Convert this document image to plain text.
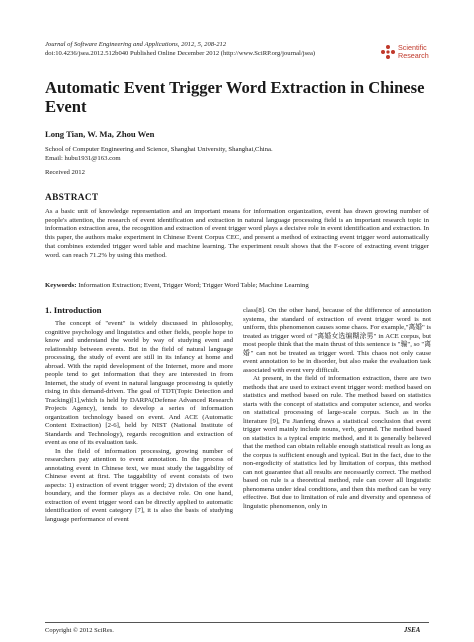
Journal of Software Engineering and Applications, 2012, 5, 208-212
doi:10.4236/jsea.2012.512b040 Published Online December 2012 (http://www.SciRP.org/journal/jsea)
Scientific
Research
Automatic Event Trigger Word Extraction in Chinese Event
Long Tian, W. Ma, Zhou Wen
School of Computer Engineering and Science, Shanghai University, Shanghai,China.
Email: hubu1931@163.com
Received 2012
ABSTRACT
As a basic unit of knowledge representation and an important means for information organization, event has drawn growing number of people's attention, the research of event identification and extraction in natural language processing field is an important research topic in information extraction area, the recognition and extraction of event trigger word plays a decisive role in event identification and extraction. In this paper, the authors make experiment in Chinese Event Corpus CEC, and present a method of extracting event trigger word automatically that combines extended trigger word table and machine learning. The experiment result shows that the F-score of extracting event trigger word. can reach 71.2% by using this method.
Keywords: Information Extraction; Event, Trigger Word; Trigger Word Table; Machine Learning
1. Introduction

The concept of "event" is widely discussed in philosophy, cognitive psychology and linguistics and other fields, people hope to know and understand the world by way of studying event and relationship between events. But in the field of natural language processing, the study of event are still in its infancy at home and abroad. With the rapid development of the Internet, more and more people tend to get information that they are interested in from Internet, the study of event in natural language processing is quietly rising in this demand-driven. The goal of TDT(Topic Detection and Tracking)[1],which is held by DARPA(Defense Advanced Research Projects Agency), tends to develop a series of information organization technology based on event. And ACE (Automatic Content Extraction) [2-6], held by NIST (National Institute of Standards and Technology), regards recognition and extraction of event as one of its evaluation task.

In the field of information processing, growing number of researchers pay attention to event annotation. In the process of annotating event in Chinese text, we must study the taggability of Chinese event at first. The taggability of event consists of two aspects: 1) extraction of event trigger word; 2) division of the event boundary, and the former plays as a decisive role. On one hand, extraction of event trigger word can be directly applied to automatic identification of event category [7], it is also the basis of studying language performance of event

class[8]. On the other hand, because of the difference of annotation systems, the standard of extraction of event trigger word is not uniform, this phenomenon causes some chaos. For example,"离婚" is treated as trigger word of "离婚女选编糊涂男" in ACE corpus, but most people think that the main thrust of this sentence is "骗", so "离婚" can not be treated as trigger word. This chaos not only cause event annotation to be in disorder, but also make the evaluation task associated with event very difficult.

At present, in the field of information extraction, there are two methods that are used to extract event trigger word: method based on statistics and method based on rule. The method based on statistics starts with the concept of statistics and computer science, and works on statistical processing of large-scale corpus. Such as in the literature [9], Fu Jianfeng draws a statistical conclusion that event trigger word mainly include nouns, verb, gerund. The method based on statistics is a typical empiric method, and it is generally believed that the method can obtain reliable enough statistical result as long as the corpus is sufficient enough and typical. But in the fact, due to the non-ergodicity of statistics led by limitation of corpus, this method can not guarantee that all results are necessarily correct. The method based on rule is a theoretical method, rule can cover all linguistic phenomena under ideal conditions, and then this method can be very effective. But due to limitation of rule and diversity and openness of linguistic phenomenon, only in

Copyright © 2012 SciRes.	JSEA
